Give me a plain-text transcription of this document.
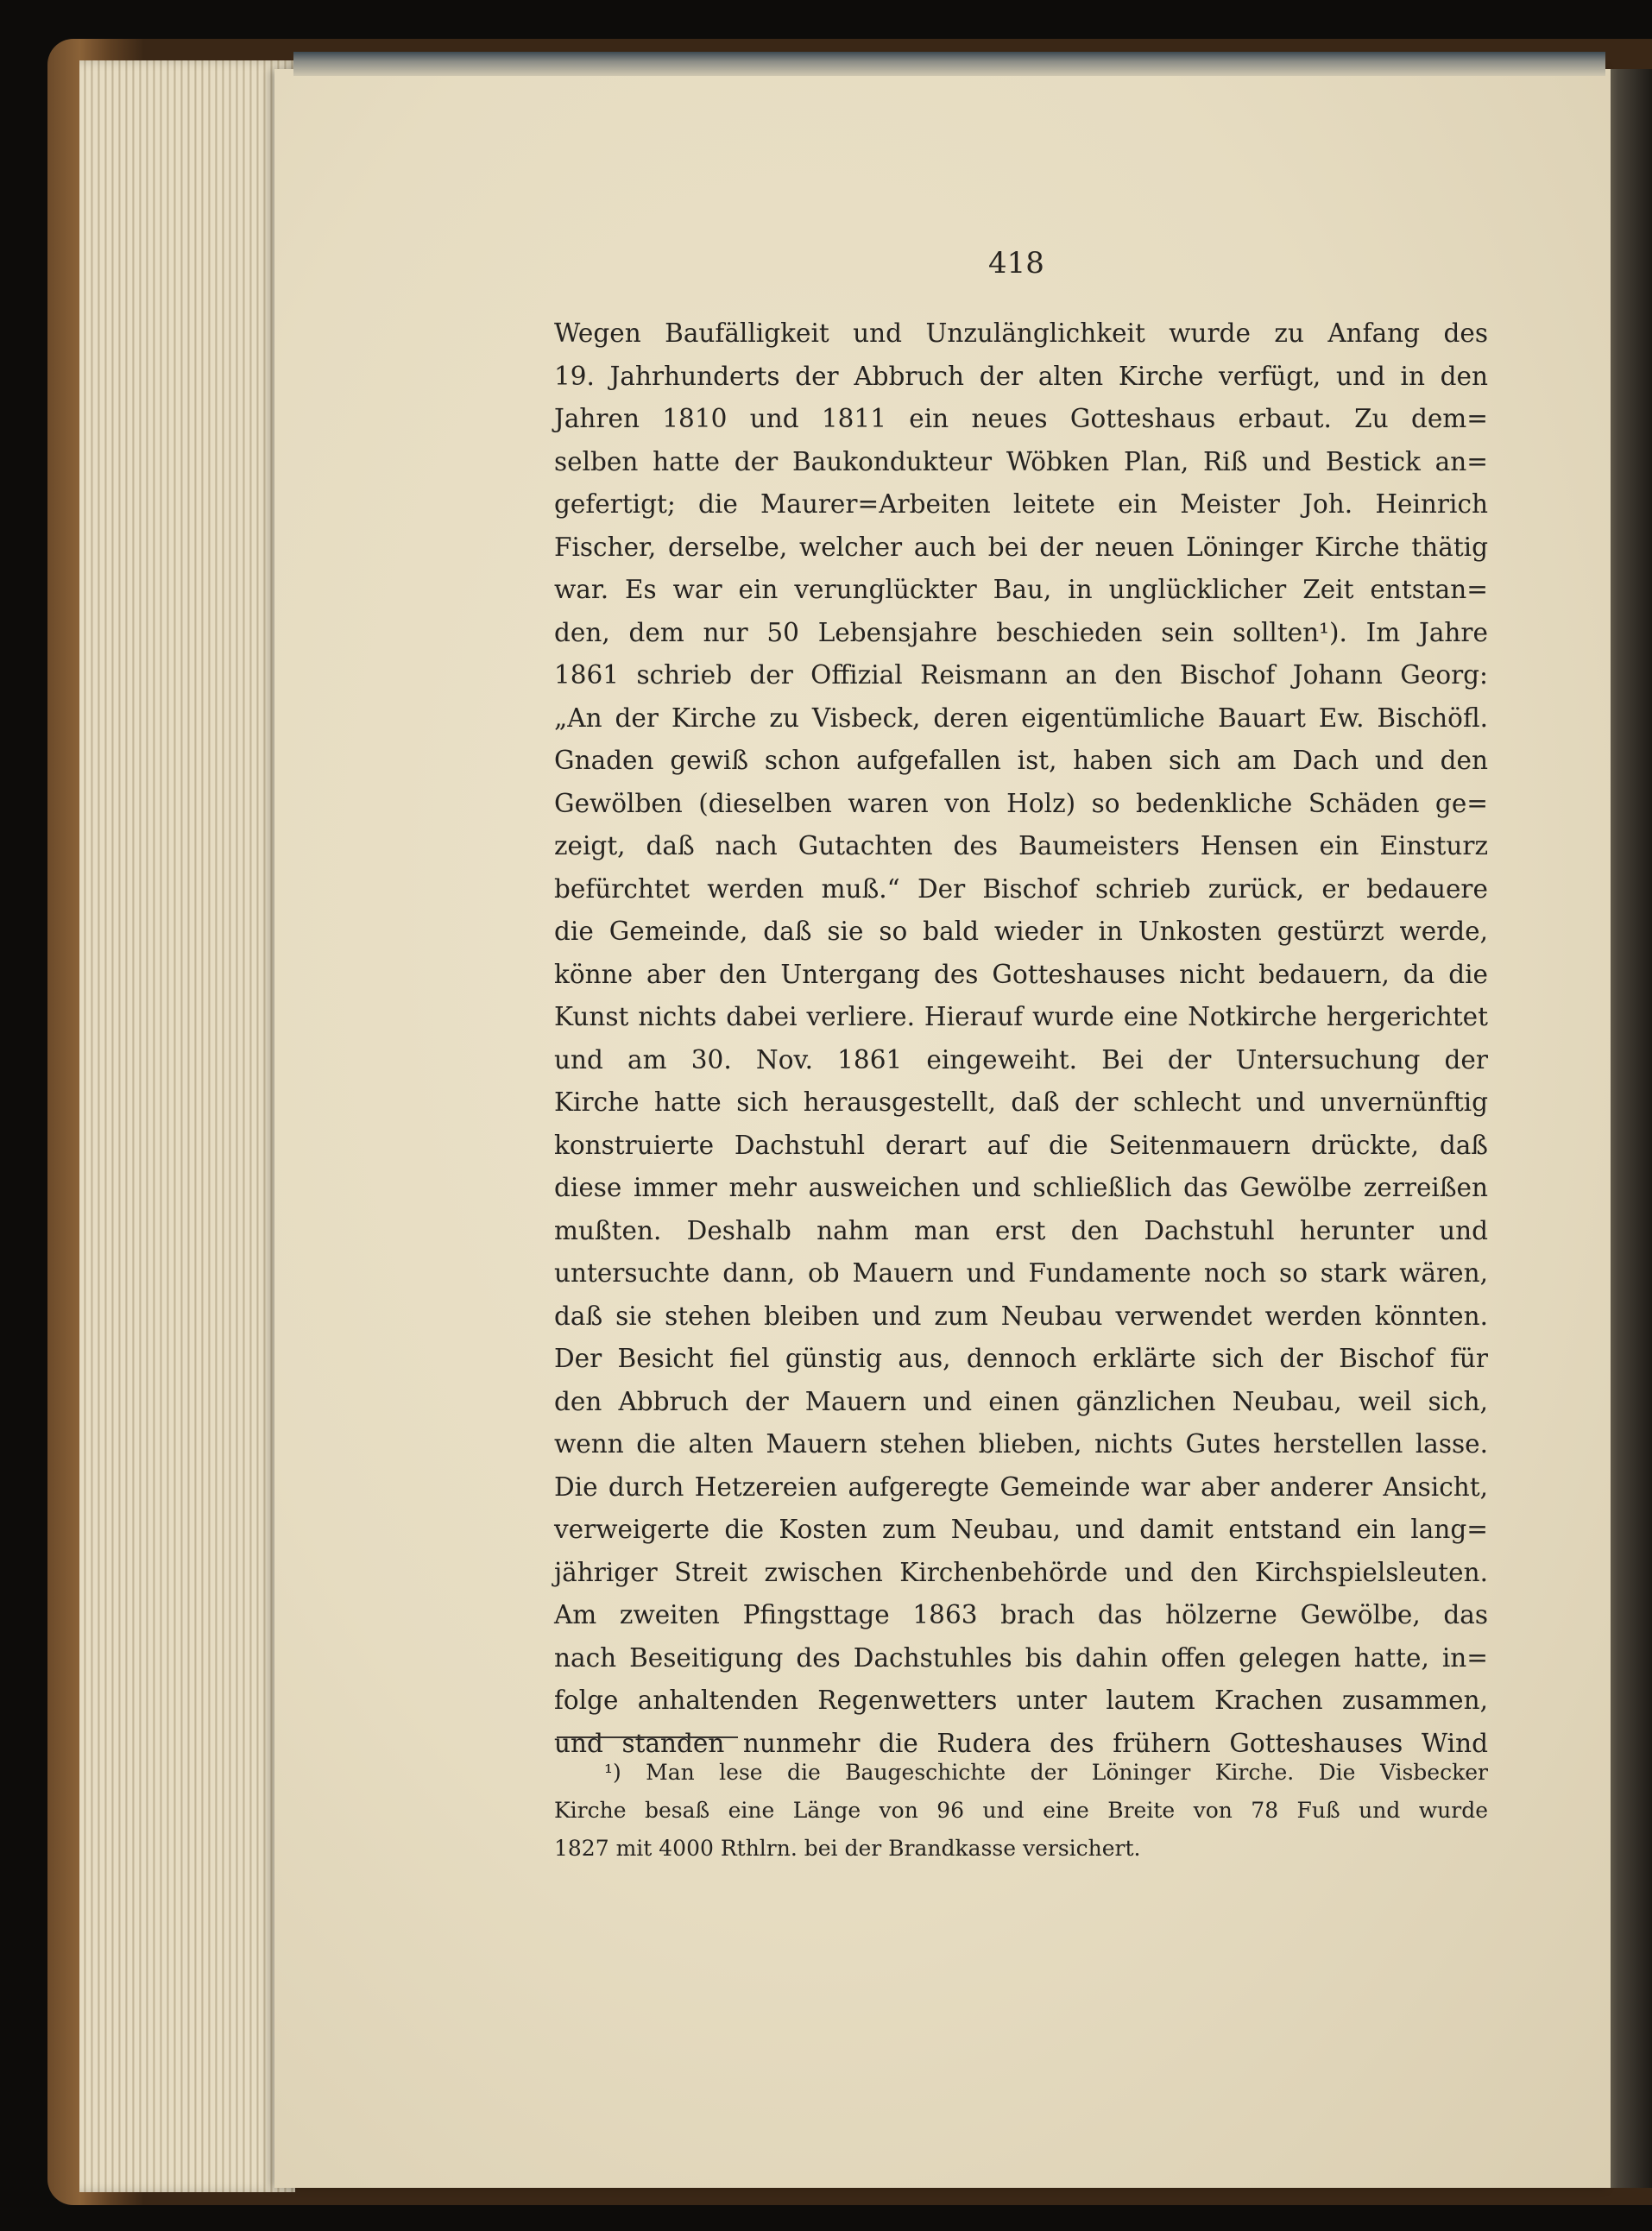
418
Wegen Baufälligkeit und Unzulänglichkeit wurde zu Anfang des
19. Jahrhunderts der Abbruch der alten Kirche verfügt, und in den
Jahren 1810 und 1811 ein neues Gotteshaus erbaut. Zu dem=
selben hatte der Baukondukteur Wöbken Plan, Riß und Bestick an=
gefertigt; die Maurer=Arbeiten leitete ein Meister Joh. Heinrich
Fischer, derselbe, welcher auch bei der neuen Löninger Kirche thätig
war. Es war ein verunglückter Bau, in unglücklicher Zeit entstan=
den, dem nur 50 Lebensjahre beschieden sein sollten¹). Im Jahre
1861 schrieb der Offizial Reismann an den Bischof Johann Georg:
„An der Kirche zu Visbeck, deren eigentümliche Bauart Ew. Bischöfl.
Gnaden gewiß schon aufgefallen ist, haben sich am Dach und den
Gewölben (dieselben waren von Holz) so bedenkliche Schäden ge=
zeigt, daß nach Gutachten des Baumeisters Hensen ein Einsturz
befürchtet werden muß.“ Der Bischof schrieb zurück, er bedauere
die Gemeinde, daß sie so bald wieder in Unkosten gestürzt werde,
könne aber den Untergang des Gotteshauses nicht bedauern, da die
Kunst nichts dabei verliere. Hierauf wurde eine Notkirche hergerichtet
und am 30. Nov. 1861 eingeweiht. Bei der Untersuchung der
Kirche hatte sich herausgestellt, daß der schlecht und unvernünftig
konstruierte Dachstuhl derart auf die Seitenmauern drückte, daß
diese immer mehr ausweichen und schließlich das Gewölbe zerreißen
mußten. Deshalb nahm man erst den Dachstuhl herunter und
untersuchte dann, ob Mauern und Fundamente noch so stark wären,
daß sie stehen bleiben und zum Neubau verwendet werden könnten.
Der Besicht fiel günstig aus, dennoch erklärte sich der Bischof für
den Abbruch der Mauern und einen gänzlichen Neubau, weil sich,
wenn die alten Mauern stehen blieben, nichts Gutes herstellen lasse.
Die durch Hetzereien aufgeregte Gemeinde war aber anderer Ansicht,
verweigerte die Kosten zum Neubau, und damit entstand ein lang=
jähriger Streit zwischen Kirchenbehörde und den Kirchspielsleuten.
Am zweiten Pfingsttage 1863 brach das hölzerne Gewölbe, das
nach Beseitigung des Dachstuhles bis dahin offen gelegen hatte, in=
folge anhaltenden Regenwetters unter lautem Krachen zusammen,
und standen nunmehr die Rudera des frühern Gotteshauses Wind
¹) Man lese die Baugeschichte der Löninger Kirche. Die Visbecker
Kirche besaß eine Länge von 96 und eine Breite von 78 Fuß und wurde
1827 mit 4000 Rthlrn. bei der Brandkasse versichert.
